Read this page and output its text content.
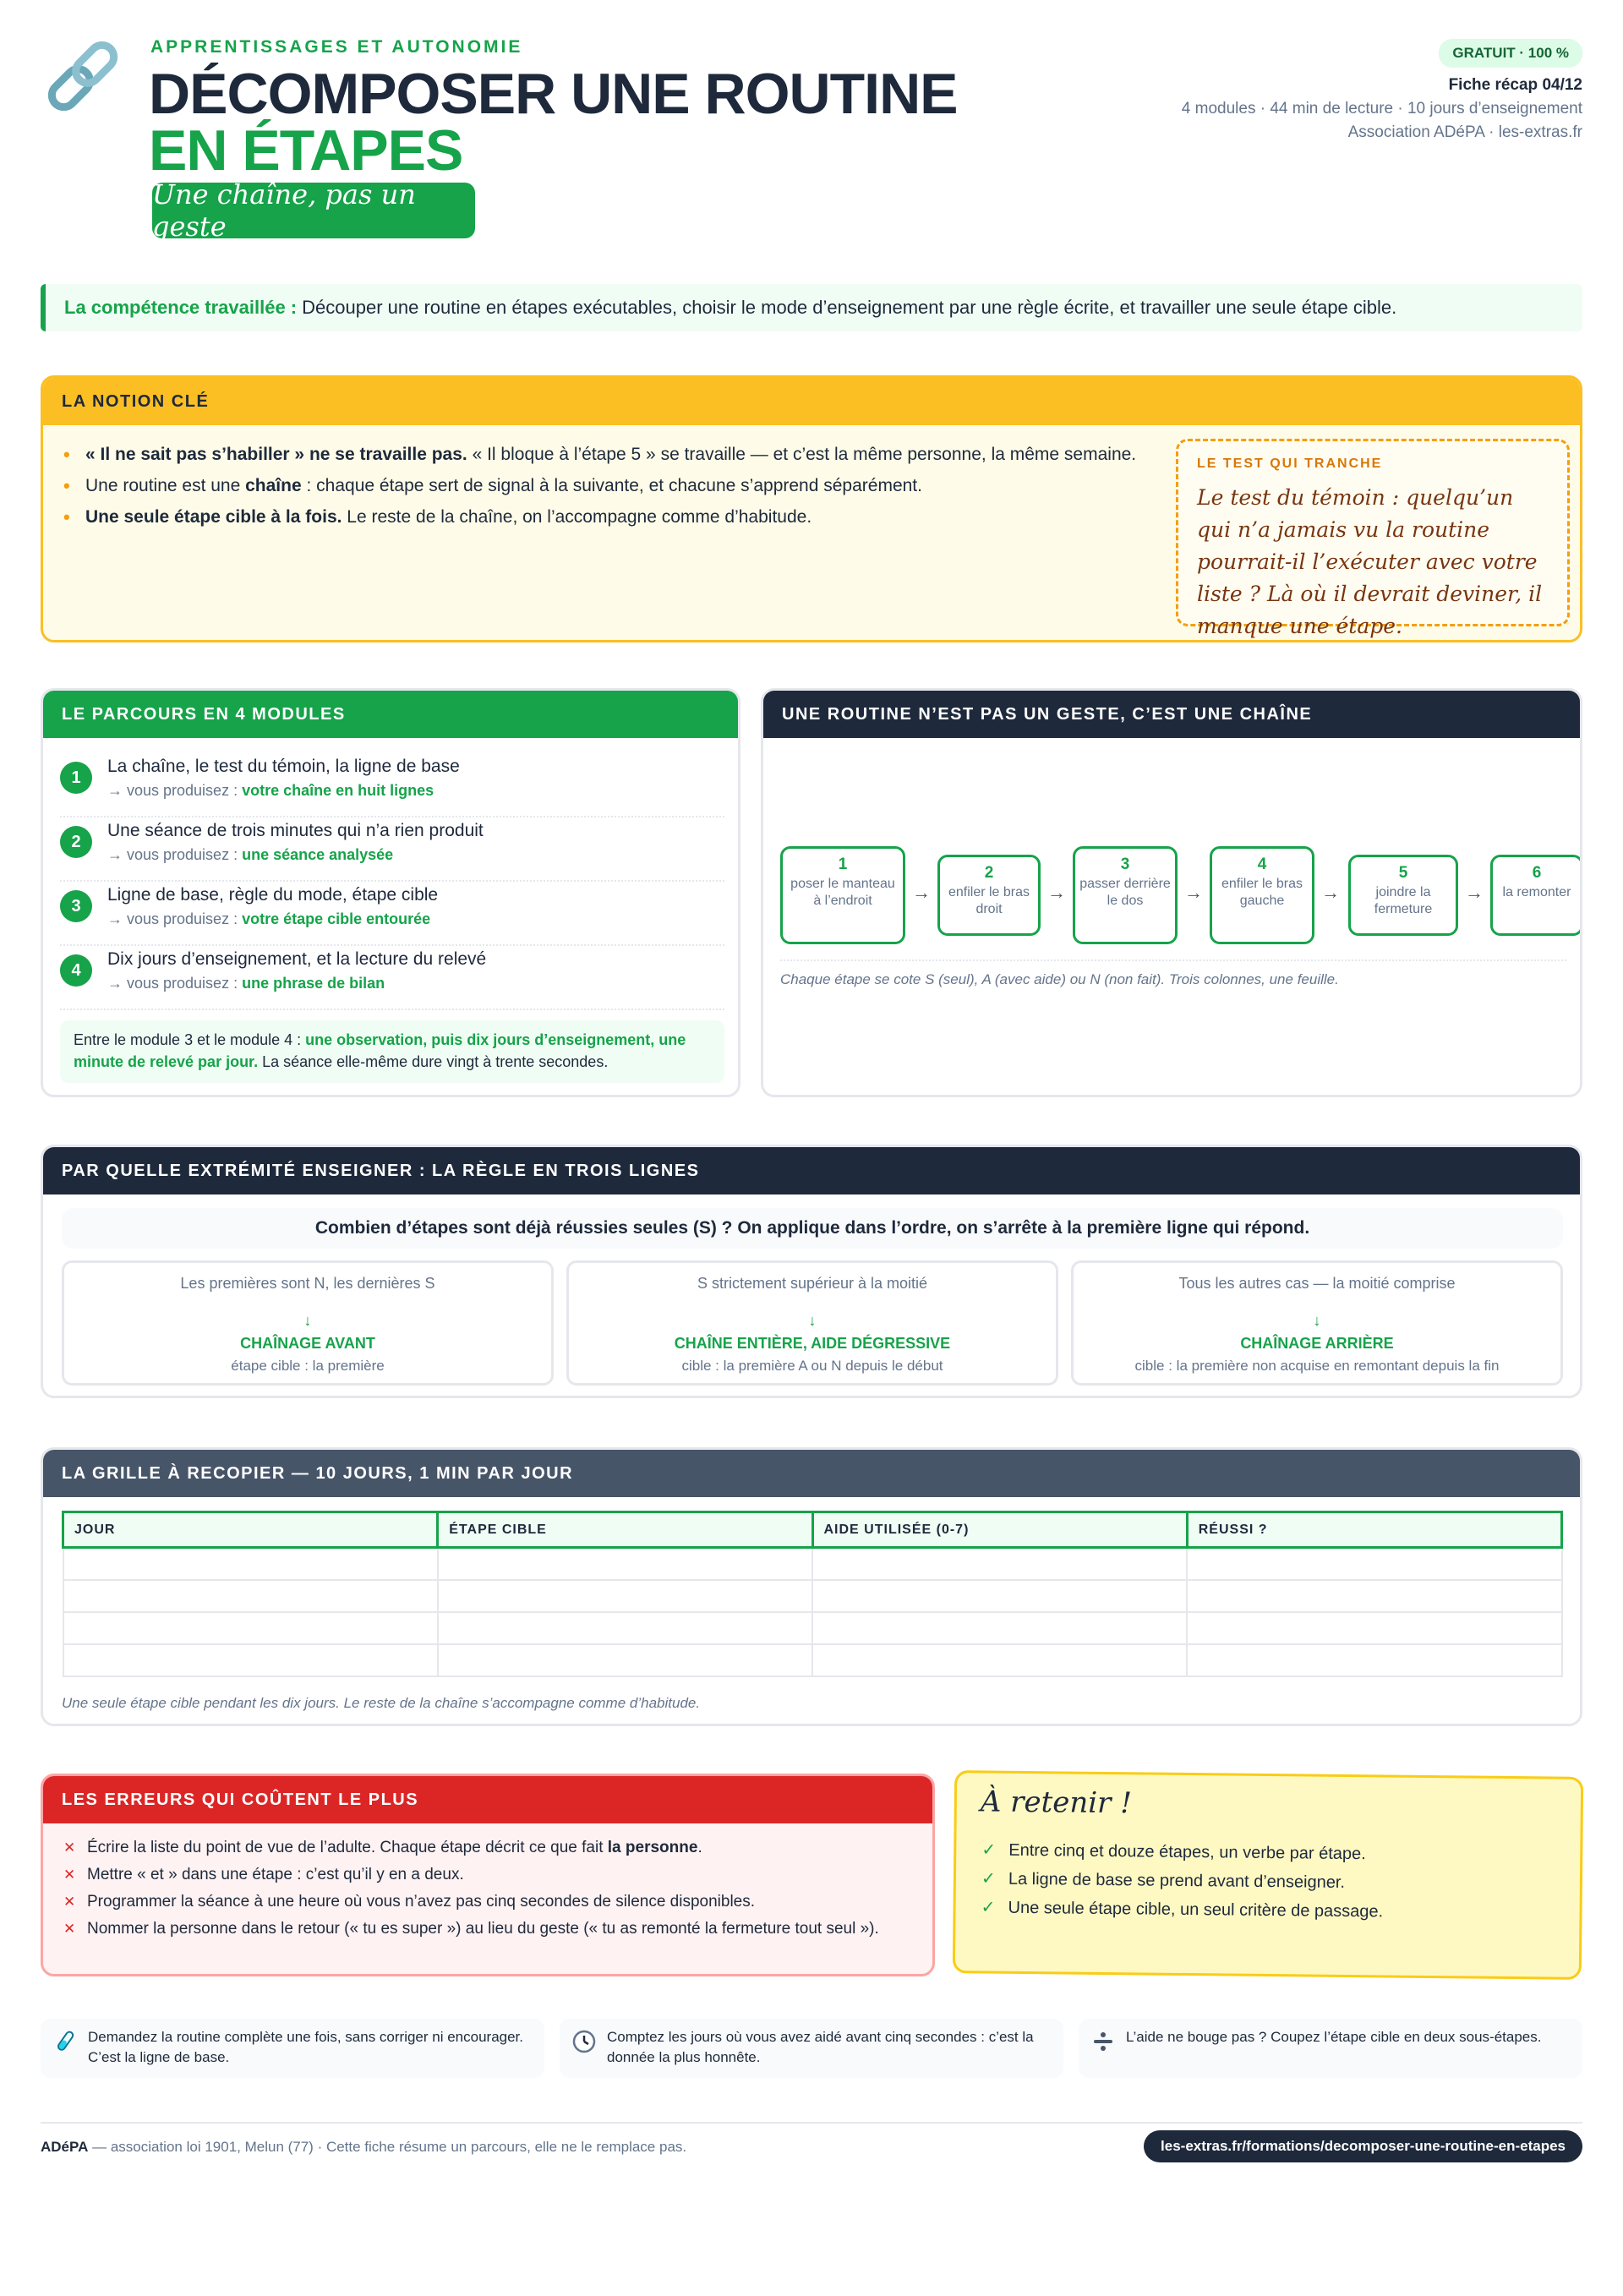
APPRENTISSAGES ET AUTONOMIE
DÉCOMPOSER UNE ROUTINE
EN ÉTAPES
Une chaîne, pas un geste
GRATUIT · 100 %
Fiche récap 04/12
4 modules · 44 min de lecture · 10 jours d’enseignement
Association ADéPA · les-extras.fr
La compétence travaillée : Découper une routine en étapes exécutables, choisir le mode d’enseignement par une règle écrite, et travailler une seule étape cible.
LA NOTION CLÉ
• « Il ne sait pas s’habiller » ne se travaille pas. « Il bloque à l’étape 5 » se travaille — et c’est la même personne, la même semaine.
• Une routine est une chaîne : chaque étape sert de signal à la suivante, et chacune s’apprend séparément.
• Une seule étape cible à la fois. Le reste de la chaîne, on l’accompagne comme d’habitude.
LE TEST QUI TRANCHE
Le test du témoin : quelqu’un qui n’a jamais vu la routine pourrait-il l’exécuter avec votre liste ? Là où il devrait deviner, il manque une étape.
LE PARCOURS EN 4 MODULES
1
La chaîne, le test du témoin, la ligne de base
→ vous produisez : votre chaîne en huit lignes
2
Une séance de trois minutes qui n’a rien produit
→ vous produisez : une séance analysée
3
Ligne de base, règle du mode, étape cible
→ vous produisez : votre étape cible entourée
4
Dix jours d’enseignement, et la lecture du relevé
→ vous produisez : une phrase de bilan
Entre le module 3 et le module 4 : une observation, puis dix jours d’enseignement, une minute de relevé par jour. La séance elle-même dure vingt à trente secondes.
UNE ROUTINE N’EST PAS UN GESTE, C’EST UNE CHAÎNE
1
poser le manteau à l’endroit	→
2
enfiler le bras droit
→
3
passer derrière le dos	→
4
enfiler le bras gauche	→
5
joindre la fermeture
→
6
la remonter
Chaque étape se cote S (seul), A (avec aide) ou N (non fait). Trois colonnes, une feuille.
PAR QUELLE EXTRÉMITÉ ENSEIGNER : LA RÈGLE EN TROIS LIGNES
Combien d’étapes sont déjà réussies seules (S) ? On applique dans l’ordre, on s’arrête à la première ligne qui répond.
Les premières sont N, les dernières S
↓
CHAÎNAGE AVANT
étape cible : la première
S strictement supérieur à la moitié
↓
CHAÎNE ENTIÈRE, AIDE DÉGRESSIVE
cible : la première A ou N depuis le début
Tous les autres cas — la moitié comprise
↓
CHAÎNAGE ARRIÈRE
cible : la première non acquise en remontant depuis la fin
LA GRILLE À RECOPIER — 10 JOURS, 1 MIN PAR JOUR
JOUR	ÉTAPE CIBLE	AIDE UTILISÉE (0-7)	RÉUSSI ?

Une seule étape cible pendant les dix jours. Le reste de la chaîne s’accompagne comme d’habitude.
LES ERREURS QUI COÛTENT LE PLUS
✕ Écrire la liste du point de vue de l’adulte. Chaque étape décrit ce que fait la personne.
✕ Mettre « et » dans une étape : c’est qu’il y en a deux.
✕ Programmer la séance à une heure où vous n’avez pas cinq secondes de silence disponibles.
✕ Nommer la personne dans le retour (« tu es super ») au lieu du geste (« tu as remonté la fermeture tout seul »).
À retenir !
✓ Entre cinq et douze étapes, un verbe par étape.
✓ La ligne de base se prend avant d’enseigner.
✓ Une seule étape cible, un seul critère de passage.
Demandez la routine complète une fois, sans corriger ni encourager. C’est la ligne de base.
Comptez les jours où vous avez aidé avant cinq secondes : c’est la donnée la plus honnête.
L’aide ne bouge pas ? Coupez l’étape cible en deux sous-étapes.
ADéPA — association loi 1901, Melun (77) · Cette fiche résume un parcours, elle ne le remplace pas.	les-extras.fr/formations/decomposer-une-routine-en-etapes
